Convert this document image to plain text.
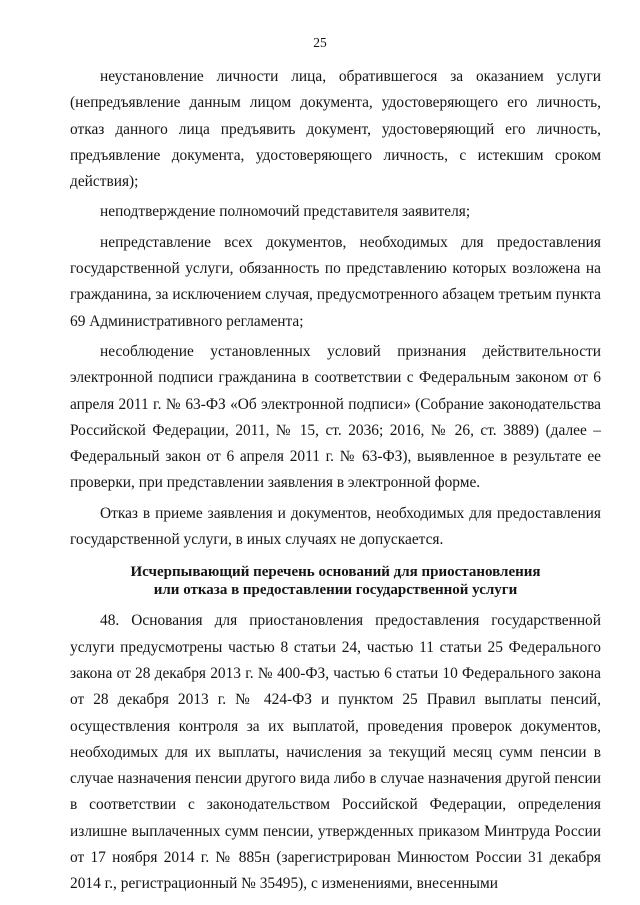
25

неустановление личности лица, обратившегося за оказанием услуги (непредъявление данным лицом документа, удостоверяющего его личность, отказ данного лица предъявить документ, удостоверяющий его личность, предъявление документа, удостоверяющего личность, с истекшим сроком действия);

неподтверждение полномочий представителя заявителя;

непредставление всех документов, необходимых для предоставления государственной услуги, обязанность по представлению которых возложена на гражданина, за исключением случая, предусмотренного абзацем третьим пункта 69 Административного регламента;

несоблюдение установленных условий признания действительности электронной подписи гражданина в соответствии с Федеральным законом от 6 апреля 2011 г. № 63-ФЗ «Об электронной подписи» (Собрание законодательства Российской Федерации, 2011, № 15, ст. 2036; 2016, № 26, ст. 3889) (далее – Федеральный закон от 6 апреля 2011 г. № 63-ФЗ), выявленное в результате ее проверки, при представлении заявления в электронной форме.

Отказ в приеме заявления и документов, необходимых для предоставления государственной услуги, в иных случаях не допускается.

Исчерпывающий перечень оснований для приостановления
или отказа в предоставлении государственной услуги

48. Основания для приостановления предоставления государственной услуги предусмотрены частью 8 статьи 24, частью 11 статьи 25 Федерального закона от 28 декабря 2013 г. № 400-ФЗ, частью 6 статьи 10 Федерального закона от 28 декабря 2013 г. № 424-ФЗ и пунктом 25 Правил выплаты пенсий, осуществления контроля за их выплатой, проведения проверок документов, необходимых для их выплаты, начисления за текущий месяц сумм пенсии в случае назначения пенсии другого вида либо в случае назначения другой пенсии в соответствии с законодательством Российской Федерации, определения излишне выплаченных сумм пенсии, утвержденных приказом Минтруда России от 17 ноября 2014 г. № 885н (зарегистрирован Минюстом России 31 декабря 2014 г., регистрационный № 35495), с изменениями, внесенными
